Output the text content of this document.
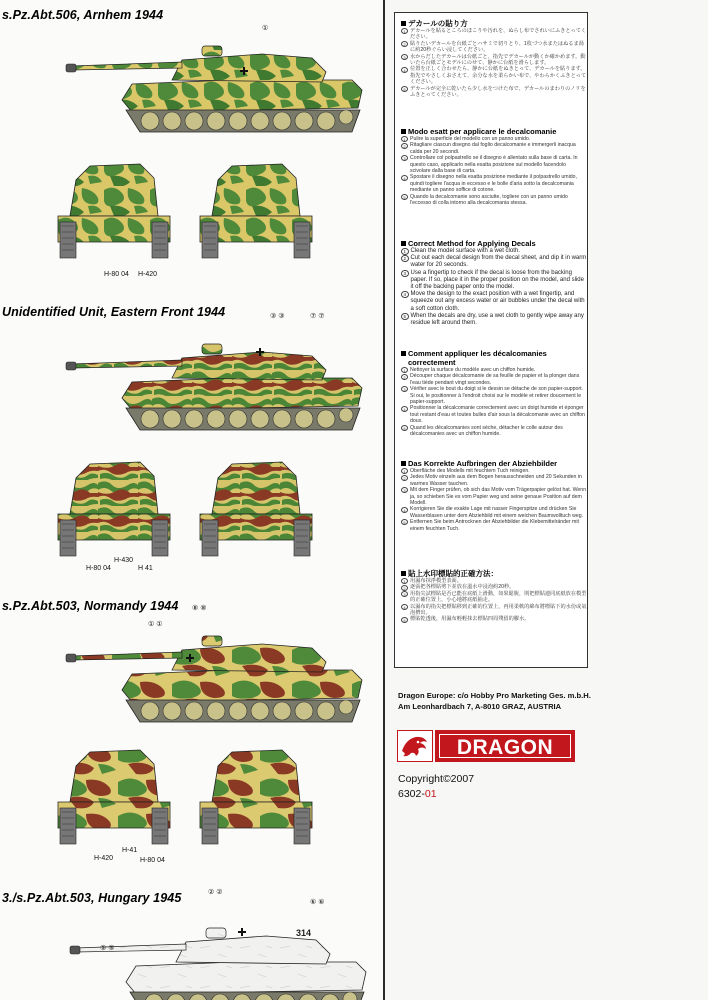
s.Pz.Abt.506, Arnhem 1944
①
H-80 04 H-420
Unidentified Unit, Eastern Front 1944	③ ③	⑦ ⑦
H-80 04
H-430
H 41
s.Pz.Abt.503, Normandy 1944 ⑧ ⑧
① ①
H-420
H-41
H-80 04
3./s.Pz.Abt.503, Hungary 1945	② ②
⑥ ⑥
⑤ ⑤
314
デカールの貼り方
1 デカールを貼るところのほこりや汚れを、ぬらし布でされいにふきとってください。
2 貼りたいデカールを台紙ごとハサミで切りとり、1枚づつ水またはぬるま湯に約20秒ぐらい浸してください。
3 水からだしたデカールは台紙ごと、指先でデカールが動くか確かめます。動いたら台紙ごとモデルにのせて、静かに台紙を滑らします。
4 位置を正しく合わせたら、静かに台紙をぬきとって、デカールを貼ります。指先でやさしくおさえて、余分な水を柔らかい布で、やわらかくふきとってください。
5 デカールが完全に乾いたら少し水をつけた布で、デカールのまわりのノリをふきとってください。
Modo esatt per applicare le decalcomanie
1 Pulire la superficie del modello con un panno umido.
2 Ritagliare ciascun disegno dal foglio decalcomanie e immergerli inacqua calda per 20 secondi.
3 Controllare col polpastrello se il disegno è allentato sulla base di carta. In questo caso, applicarlo nella esatta posizione sul modello facendolo scivolare dalla base di carta.
4 Spostare il disegno nella esatta posizione mediante il polpastrello umido, quindi togliere l'acqua in eccesso e le bolle d'aria sotto la decalcomania mediante un panno soffice di cotone.
5 Quando la decalcomanie sono asciutte, togliere con un panno umido l'eccesso di colla intorno alla decalcomania stessa.
Correct Method for Applying Decals
1 Clean the model surface with a wet cloth.
2 Cut out each decal design from the decal sheet, and dip it in warm water for 20 seconds.
3 Use a fingertip to check if the decal is loose from the backing paper. If so, place it in the proper position on the model, and slide it off the backing paper onto the model.
4 Move the design to the exact position with a wet fingertip, and squeeze out any excess water or air bubbles under the decal with a soft cotton cloth.
5 When the decals are dry, use a wet cloth to gently wipe away any residue left around them.
Comment appliquer les décalcomanies correctement
1 Nettoyer la surface du modèle avec un chiffon humide.
2 Découper chaque décalcomanie de sa feuille de papier et la plonger dans l'eau tiède pendant vingt secondes.
3 Vérifier avec le bout du doigt si le dessin se détache de son papier-support. Si oui, le positionner à l'endroit choisi sur le modèle et retirer doucement le papier-support.
4 Positionner la décalcomanie correctement avec un doigt humide et éponger tout restant d'eau et toutes bulles d'air sous la décalcomanie avec un chiffon doux.
5 Quand les décalcomanies sont sèche, détacher le colle autour des décalcomanies avec un chiffon humide.
Das Korrekte Aufbringen der Abziehbilder
1 Oberfläche des Modells mit feuchtem Tuch reinigen.
2 Jedes Motiv einzeln aus dem Bogen herausschneiden und 20 Sekunden in warmes Wasser tauchen.
3 Mit dem Finger prüfen, ob sich das Motiv vom Trägerpapier gelöst hat. Wenn ja, so schieben Sie es vom Papier weg und seine genaue Position auf dem Modell.
4 Korrigieren Sie die exakte Lage mit nasser Fingerspitze und drücken Sie Wasserblasen unter dem Abziehbild mit einem weichen Baumwolltuch weg.
5 Entfernen Sie beim Antrocknen der Abziehbilder die Klebemittelränder mit einem feuchten Tuch.
貼上水印標貼的正確方法：
1 用濕布抹淨模型表面。
2 逐張把各標貼剪下並放在溫水中浸泡約20秒。
3 用指尖試標貼是否已能在底紙上滑動，如果鬆脫，則把標貼連同底紙放在模型的正確位置上，小心地將底紙抽走。
4 以濕布的指尖把標貼移到正確的位置上，再用柔軟的綿布將標貼下的水份或氣泡擠出。
5 標貼乾透後，用濕布輕輕抹去標貼四周殘留的膠水。
Dragon Europe: c/o Hobby Pro Marketing Ges. m.b.H.
Am Leonhardbach 7, A-8010 GRAZ, AUSTRIA
DRAGON
Copyright©2007
6302-01
